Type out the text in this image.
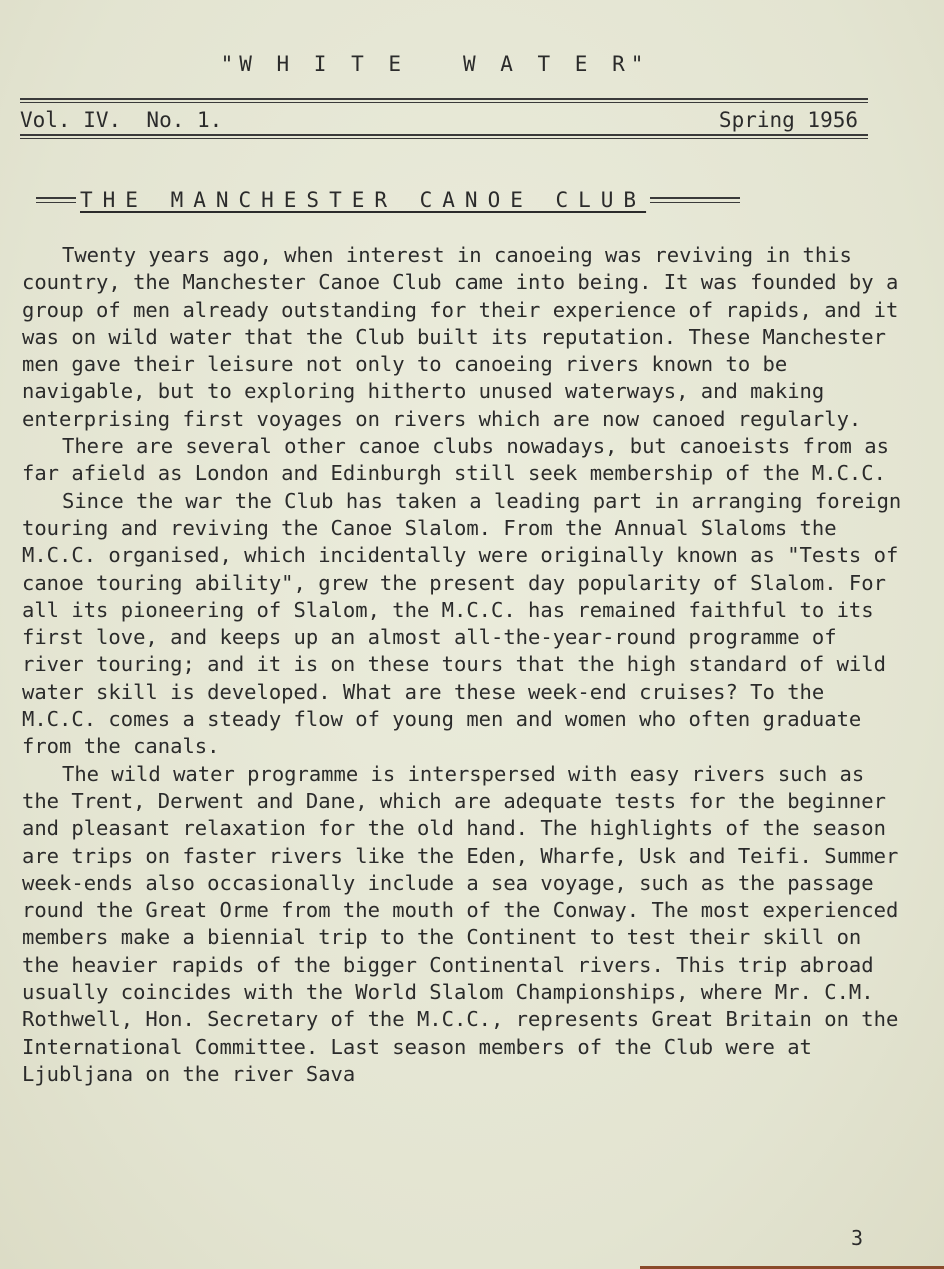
"W H I T E   W A T E R"
Vol. IV.  No. 1.	Spring 1956
THE MANCHESTER CANOE CLUB

Twenty years ago, when interest in canoeing was reviving in this country, the Manchester Canoe Club came into being. It was founded by a group of men already outstanding for their experience of rapids, and it was on wild water that the Club built its reputation. These Manchester men gave their leisure not only to canoeing rivers known to be navigable, but to exploring hitherto unused waterways, and making enterprising first voyages on rivers which are now canoed regularly.

There are several other canoe clubs nowadays, but canoeists from as far afield as London and Edinburgh still seek membership of the M.C.C.

Since the war the Club has taken a leading part in arranging foreign touring and reviving the Canoe Slalom. From the Annual Slaloms the M.C.C. organised, which incidentally were originally known as "Tests of canoe touring ability", grew the present day popularity of Slalom. For all its pioneering of Slalom, the M.C.C. has remained faithful to its first love, and keeps up an almost all-the-year-round programme of river touring; and it is on these tours that the high standard of wild water skill is developed. What are these week-end cruises? To the M.C.C. comes a steady flow of young men and women who often graduate from the canals.

The wild water programme is interspersed with easy rivers such as the Trent, Derwent and Dane, which are adequate tests for the beginner and pleasant relaxation for the old hand. The highlights of the season are trips on faster rivers like the Eden, Wharfe, Usk and Teifi. Summer week-ends also occasionally include a sea voyage, such as the passage round the Great Orme from the mouth of the Conway. The most experienced members make a biennial trip to the Continent to test their skill on the heavier rapids of the bigger Continental rivers. This trip abroad usually coincides with the World Slalom Championships, where Mr. C.M. Rothwell, Hon. Secretary of the M.C.C., represents Great Britain on the International Committee. Last season members of the Club were at Ljubljana on the river Sava

3
